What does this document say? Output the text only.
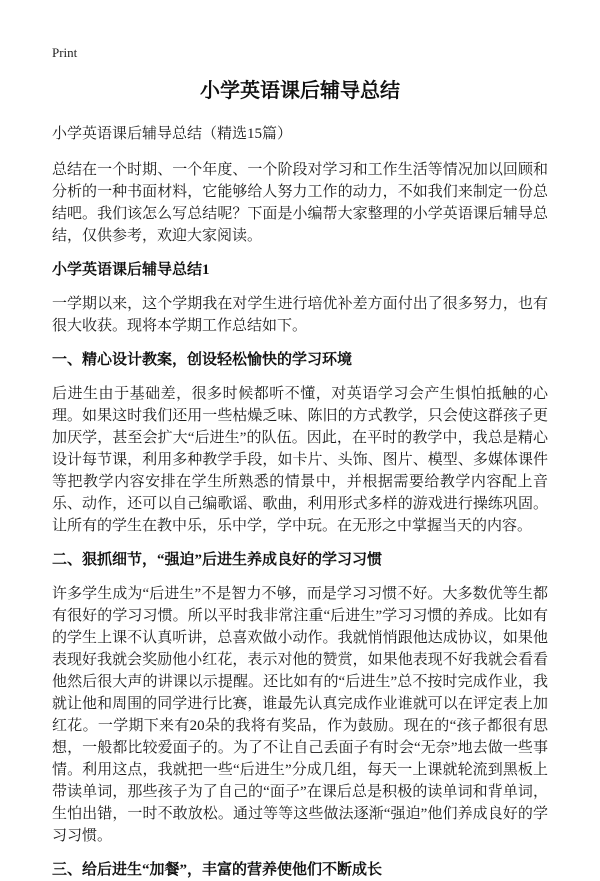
Print
小学英语课后辅导总结

小学英语课后辅导总结（精选15篇）

总结在一个时期、一个年度、一个阶段对学习和工作生活等情况加以回顾和分析的一种书面材料，它能够给人努力工作的动力，不如我们来制定一份总结吧。我们该怎么写总结呢？下面是小编帮大家整理的小学英语课后辅导总结，仅供参考，欢迎大家阅读。

小学英语课后辅导总结1

一学期以来，这个学期我在对学生进行培优补差方面付出了很多努力，也有很大收获。现将本学期工作总结如下。

一、精心设计教案，创设轻松愉快的学习环境

后进生由于基础差，很多时候都听不懂，对英语学习会产生惧怕抵触的心理。如果这时我们还用一些枯燥乏味、陈旧的方式教学，只会使这群孩子更加厌学，甚至会扩大“后进生”的队伍。因此，在平时的教学中，我总是精心设计每节课，利用多种教学手段，如卡片、头饰、图片、模型、多媒体课件等把教学内容安排在学生所熟悉的情景中，并根据需要给教学内容配上音乐、动作，还可以自己编歌谣、歌曲，利用形式多样的游戏进行操练巩固。让所有的学生在教中乐，乐中学，学中玩。在无形之中掌握当天的内容。

二、狠抓细节，“强迫”后进生养成良好的学习习惯

许多学生成为“后进生”不是智力不够，而是学习习惯不好。大多数优等生都有很好的学习习惯。所以平时我非常注重“后进生”学习习惯的养成。比如有的学生上课不认真听讲，总喜欢做小动作。我就悄悄跟他达成协议，如果他表现好我就会奖励他小红花，表示对他的赞赏，如果他表现不好我就会看看他然后很大声的讲课以示提醒。还比如有的“后进生”总不按时完成作业，我就让他和周围的同学进行比赛，谁最先认真完成作业谁就可以在评定表上加红花。一学期下来有20朵的我将有奖品，作为鼓励。现在的“孩子都很有思想，一般都比较爱面子的。为了不让自己丢面子有时会“无奈”地去做一些事情。利用这点，我就把一些“后进生”分成几组，每天一上课就轮流到黑板上带读单词，那些孩子为了自己的“面子”在课后总是积极的读单词和背单词，生怕出错，一时不敢放松。通过等等这些做法逐渐“强迫”他们养成良好的学习习惯。

三、给后进生“加餐”，丰富的营养使他们不断成长
